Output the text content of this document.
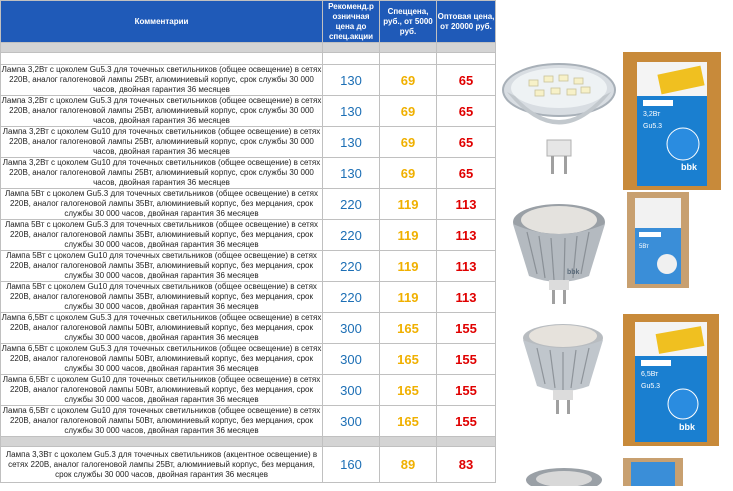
Комментарии	Рекоменд.р озничная цена до спец.акции	Спеццена, руб., от 5000 руб.	Оптовая цена, от 20000 руб.

Лампа 3,2Вт с цоколем Gu5.3 для точечных светильников (общее освещение) в сетях 220В, аналог галогеновой лампы 25Вт, алюминиевый корпус, срок службы 30 000 часов, двойная гарантия 36 месяцев	130	69	65
Лампа 3,2Вт с цоколем Gu5.3 для точечных светильников (общее освещение) в сетях 220В, аналог галогеновой лампы 25Вт, алюминиевый корпус, срок службы 30 000 часов, двойная гарантия 36 месяцев	130	69	65
Лампа 3,2Вт с цоколем Gu10 для точечных светильников (общее освещение) в сетях 220В, аналог галогеновой лампы 25Вт, алюминиевый корпус, срок службы 30 000 часов, двойная гарантия 36 месяцев	130	69	65
Лампа 3,2Вт с цоколем Gu10 для точечных светильников (общее освещение) в сетях 220В, аналог галогеновой лампы 25Вт, алюминиевый корпус, срок службы 30 000 часов, двойная гарантия 36 месяцев	130	69	65
Лампа 5Вт с цоколем Gu5.3 для точечных светильников (общее освещение) в сетях 220В, аналог галогеновой лампы 35Вт, алюминиевый корпус, без мерцания, срок службы 30 000 часов, двойная гарантия 36 месяцев	220	119	113
Лампа 5Вт с цоколем Gu5.3 для точечных светильников (общее освещение) в сетях 220В, аналог галогеновой лампы 35Вт, алюминиевый корпус, без мерцания, срок службы 30 000 часов, двойная гарантия 36 месяцев	220	119	113
Лампа 5Вт с цоколем Gu10 для точечных светильников (общее освещение) в сетях 220В, аналог галогеновой лампы 35Вт, алюминиевый корпус, без мерцания, срок службы 30 000 часов, двойная гарантия 36 месяцев	220	119	113
Лампа 5Вт с цоколем Gu10 для точечных светильников (общее освещение) в сетях 220В, аналог галогеновой лампы 35Вт, алюминиевый корпус, без мерцания, срок службы 30 000 часов, двойная гарантия 36 месяцев	220	119	113
Лампа 6,5Вт с цоколем Gu5.3 для точечных светильников (общее освещение) в сетях 220В, аналог галогеновой лампы 50Вт, алюминиевый корпус, без мерцания, срок службы 30 000 часов, двойная гарантия 36 месяцев	300	165	155
Лампа 6,5Вт с цоколем Gu5.3 для точечных светильников (общее освещение) в сетях 220В, аналог галогеновой лампы 50Вт, алюминиевый корпус, без мерцания, срок службы 30 000 часов, двойная гарантия 36 месяцев	300	165	155
Лампа 6,5Вт с цоколем Gu10 для точечных светильников (общее освещение) в сетях 220В, аналог галогеновой лампы 50Вт, алюминиевый корпус, без мерцания, срок службы 30 000 часов, двойная гарантия 36 месяцев	300	165	155
Лампа 6,5Вт с цоколем Gu10 для точечных светильников (общее освещение) в сетях 220В, аналог галогеновой лампы 50Вт, алюминиевый корпус, без мерцания, срок службы 30 000 часов, двойная гарантия 36 месяцев	300	165	155

Лампа 3,3Вт с цоколем Gu5.3 для точечных светильников (акцентное освещение) в сетях 220В, аналог галогеновой лампы 25Вт, алюминиевый корпус, без мерцания, срок службы 30 000 часов, двойная гарантия 36 месяцев	160	89	83
3,2Вт
Gu5.3
bbk
bbk
5Вт
6,5Вт
Gu5.3
bbk
